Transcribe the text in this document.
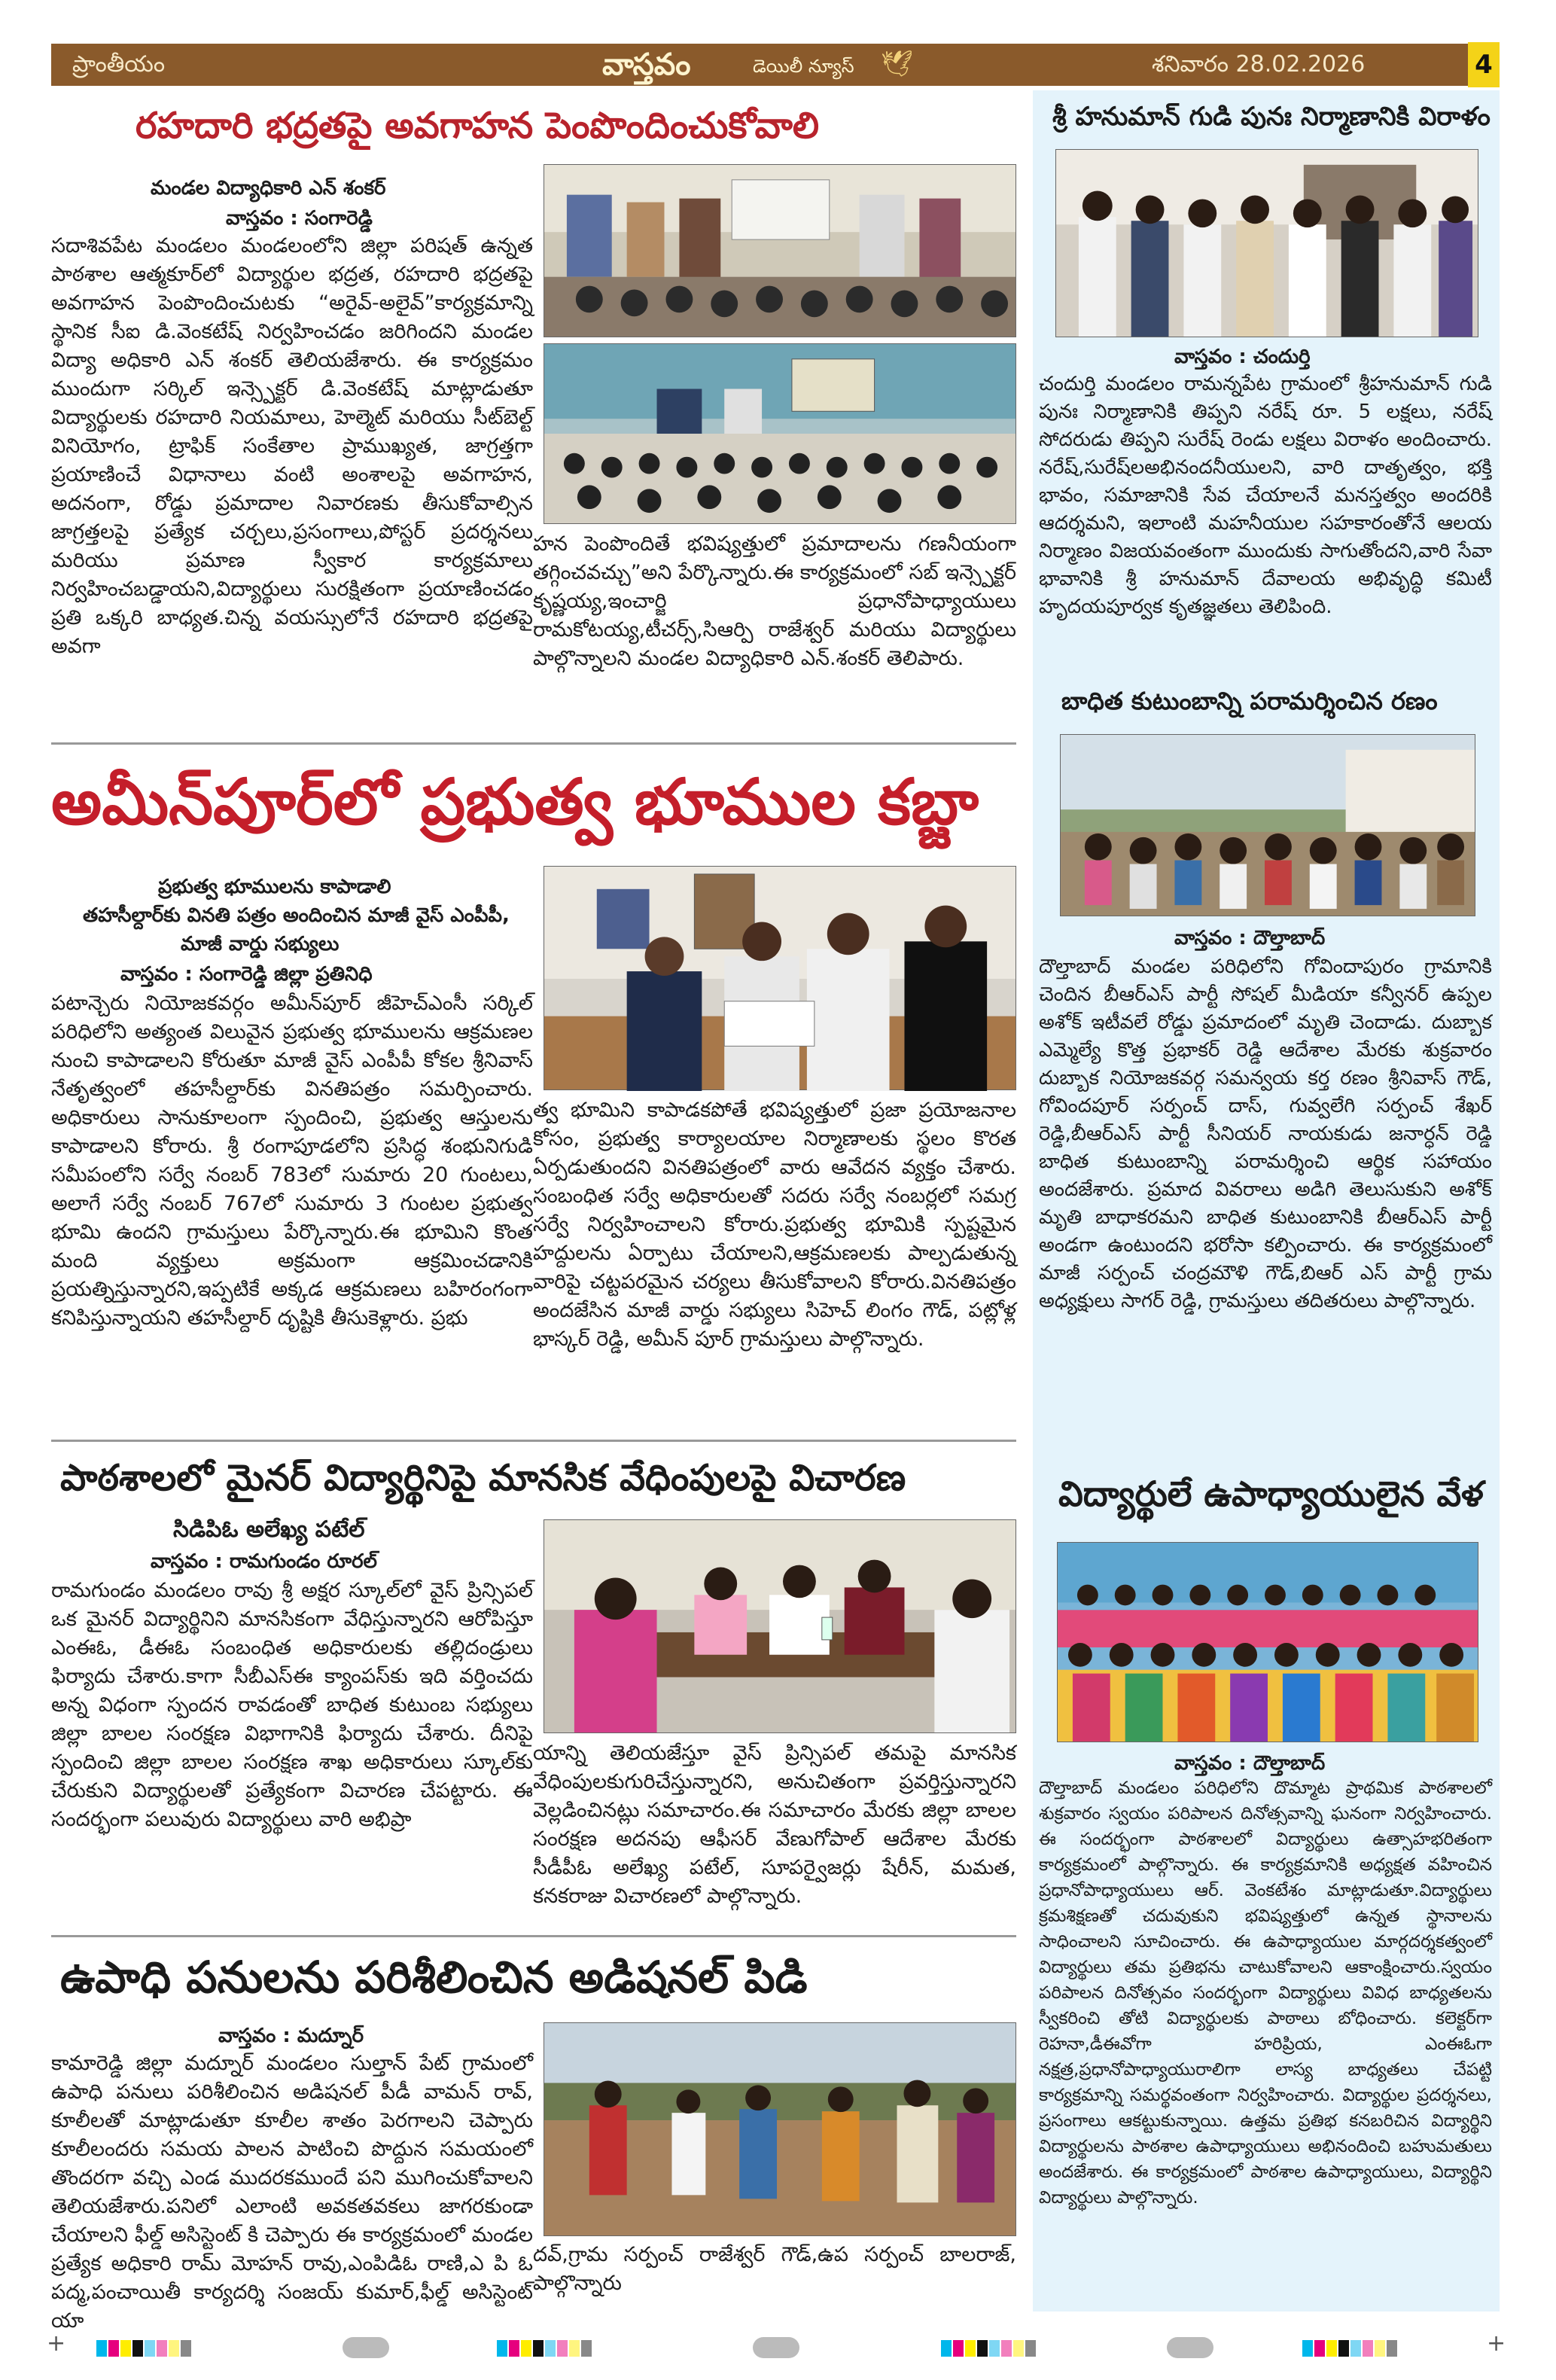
ప్రాంతీయం	వాస్తవం	డెయిలీ న్యూస్ 🕊	శనివారం 28.02.2026	4
రహదారి భద్రతపై అవగాహన పెంపొందించుకోవాలి
మండల విద్యాధికారి ఎన్ శంకర్
వాస్తవం : సంగారెడ్డి
సదాశివపేట మండలం మండలంలోని జిల్లా పరిషత్ ఉన్నత పాఠశాల ఆత్మకూర్‌లో విద్యార్థుల భద్రత, రహదారి భద్రతపై అవగాహన పెంపొందించుటకు “అరైవ్-అలైవ్”కార్యక్రమాన్ని స్థానిక సీఐ డి.వెంకటేష్ నిర్వహించడం జరిగిందని మండల విద్యా అధికారి ఎన్ శంకర్ తెలియజేశారు. ఈ కార్యక్రమం ముందుగా సర్కిల్ ఇన్స్పెక్టర్ డి.వెంకటేష్ మాట్లాడుతూ విద్యార్థులకు రహదారి నియమాలు, హెల్మెట్ మరియు సీట్‌బెల్ట్ వినియోగం, ట్రాఫిక్ సంకేతాల ప్రాముఖ్యత, జాగ్రత్తగా ప్రయాణించే విధానాలు వంటి అంశాలపై అవగాహన, అదనంగా, రోడ్డు ప్రమాదాల నివారణకు తీసుకోవాల్సిన జాగ్రత్తలపై ప్రత్యేక చర్చలు,ప్రసంగాలు,పోస్టర్ ప్రదర్శనలు మరియు ప్రమాణ స్వీకార కార్యక్రమాలు నిర్వహించబడ్డాయని,విద్యార్థులు సురక్షితంగా ప్రయాణించడం ప్రతి ఒక్కరి బాధ్యత.చిన్న వయస్సులోనే రహదారి భద్రతపై అవగా
హన పెంపొందితే భవిష్యత్తులో ప్రమాదాలను గణనీయంగా తగ్గించవచ్చు”అని పేర్కొన్నారు.ఈ కార్యక్రమంలో సబ్ ఇన్స్పెక్టర్ కృష్ణయ్య,ఇంచార్జి ప్రధానోపాధ్యాయులు రామకోటయ్య,టీచర్స్,సిఆర్పి రాజేశ్వర్ మరియు విద్యార్థులు పాల్గొన్నాలని మండల విద్యాధికారి ఎన్.శంకర్ తెలిపారు.
అమీన్‌పూర్‌లో ప్రభుత్వ భూముల కబ్జా
ప్రభుత్వ భూములను కాపాడాలి
తహసీల్దార్‌కు వినతి పత్రం అందించిన మాజీ వైస్ ఎంపీపీ,
మాజీ వార్డు సభ్యులు
వాస్తవం : సంగారెడ్డి జిల్లా ప్రతినిధి
పటాన్చెరు నియోజకవర్గం అమీన్‌పూర్ జీహెచ్ఎంసీ సర్కిల్ పరిధిలోని అత్యంత విలువైన ప్రభుత్వ భూములను ఆక్రమణల నుంచి కాపాడాలని కోరుతూ మాజీ వైస్ ఎంపీపీ కోకల శ్రీనివాస్ నేతృత్వంలో తహసీల్దార్‌కు వినతిపత్రం సమర్పించారు. అధికారులు సానుకూలంగా స్పందించి, ప్రభుత్వ ఆస్తులను కాపాడాలని కోరారు. శ్రీ రంగాపూడలోని ప్రసిద్ధ శంభునిగుడి సమీపంలోని సర్వే నంబర్ 783లో సుమారు 20 గుంటలు, అలాగే సర్వే నంబర్ 767లో సుమారు 3 గుంటల ప్రభుత్వ భూమి ఉందని గ్రామస్తులు పేర్కొన్నారు.ఈ భూమిని కొంత మంది వ్యక్తులు అక్రమంగా ఆక్రమించడానికి ప్రయత్నిస్తున్నారని,ఇప్పటికే అక్కడ ఆక్రమణలు బహిరంగంగా కనిపిస్తున్నాయని తహసీల్దార్ దృష్టికి తీసుకెళ్లారు. ప్రభు
త్వ భూమిని కాపాడకపోతే భవిష్యత్తులో ప్రజా ప్రయోజనాల కోసం, ప్రభుత్వ కార్యాలయాల నిర్మాణాలకు స్థలం కొరత ఏర్పడుతుందని వినతిపత్రంలో వారు ఆవేదన వ్యక్తం చేశారు. సంబంధిత సర్వే అధికారులతో సదరు సర్వే నంబర్లలో సమగ్ర సర్వే నిర్వహించాలని కోరారు.ప్రభుత్వ భూమికి స్పష్టమైన హద్దులను ఏర్పాటు చేయాలని,ఆక్రమణలకు పాల్పడుతున్న వారిపై చట్టపరమైన చర్యలు తీసుకోవాలని కోరారు.వినతిపత్రం అందజేసిన మాజీ వార్డు సభ్యులు సిహెచ్ లింగం గౌడ్, పట్లోళ్ల భాస్కర్ రెడ్డి, అమీన్ పూర్ గ్రామస్తులు పాల్గొన్నారు.
పాఠశాలలో మైనర్ విద్యార్థినిపై మానసిక వేధింపులపై విచారణ
సిడిపిఓ అలేఖ్య పటేల్
వాస్తవం : రామగుండం రూరల్
రామగుండం మండలం రావు శ్రీ అక్షర స్కూల్‌లో వైస్ ప్రిన్సిపల్ ఒక మైనర్ విద్యార్థినిని మానసికంగా వేధిస్తున్నారని ఆరోపిస్తూ ఎంఈఓ, డీఈఓ సంబంధిత అధికారులకు తల్లిదండ్రులు ఫిర్యాదు చేశారు.కాగా సీబీఎస్ఈ క్యాంపస్‌కు ఇది వర్తించదు అన్న విధంగా స్పందన రావడంతో బాధిత కుటుంబ సభ్యులు జిల్లా బాలల సంరక్షణ విభాగానికి ఫిర్యాదు చేశారు. దీనిపై స్పందించి జిల్లా బాలల సంరక్షణ శాఖ అధికారులు స్కూల్‌కు చేరుకుని విద్యార్థులతో ప్రత్యేకంగా విచారణ చేపట్టారు. ఈ సందర్భంగా పలువురు విద్యార్థులు వారి అభిప్రా
యాన్ని తెలియజేస్తూ వైస్ ప్రిన్సిపల్ తమపై మానసిక వేధింపులకుగురిచేస్తున్నారని, అనుచితంగా ప్రవర్తిస్తున్నారని వెల్లడించినట్లు సమాచారం.ఈ సమాచారం మేరకు జిల్లా బాలల సంరక్షణ అదనపు ఆఫీసర్ వేణుగోపాల్ ఆదేశాల మేరకు సీడీపీఓ అలేఖ్య పటేల్, సూపర్వైజర్లు షేరీన్, మమత, కనకరాజు విచారణలో పాల్గొన్నారు.
ఉపాధి పనులను పరిశీలించిన అడిషనల్ పిడి
వాస్తవం : మద్నూర్
కామారెడ్డి జిల్లా మద్నూర్ మండలం సుల్తాన్ పేట్ గ్రామంలో ఉపాధి పనులు పరిశీలించిన అడిషనల్ పీడీ వామన్ రావ్, కూలీలతో మాట్లాడుతూ కూలీల శాతం పెరగాలని చెప్పారు కూలీలందరు సమయ పాలన పాటించి పొద్దున సమయంలో తొందరగా వచ్చి ఎండ ముదరకముందే పని ముగించుకోవాలని తెలియజేశారు.పనిలో ఎలాంటి అవకతవకలు జాగరకుండా చేయాలని ఫీల్డ్ అసిస్టెంట్ కి చెప్పారు ఈ కార్యక్రమంలో మండల ప్రత్యేక అధికారి రామ్ మోహన్ రావు,ఎంపిడిఓ రాణి,ఎ పి ఓ పద్మ,పంచాయితీ కార్యదర్శి సంజయ్ కుమార్,ఫీల్డ్ అసిస్టెంట్ యా
దవ్,గ్రామ సర్పంచ్ రాజేశ్వర్ గౌడ్,ఉప సర్పంచ్ బాలరాజ్, పాల్గొన్నారు
శ్రీ హనుమాన్ గుడి పునః నిర్మాణానికి విరాళం
వాస్తవం : చందుర్తి
చందుర్తి మండలం రామన్నపేట గ్రామంలో శ్రీహనుమాన్ గుడి పునః నిర్మాణానికి తిప్పని నరేష్ రూ. 5 లక్షలు, నరేష్ సోదరుడు తిప్పని సురేష్ రెండు లక్షలు విరాళం అందించారు. నరేష్,సురేష్‌లఅభినందనీయులని, వారి దాతృత్వం, భక్తి భావం, సమాజానికి సేవ చేయాలనే మనస్తత్వం అందరికి ఆదర్శమని, ఇలాంటి మహనీయుల సహకారంతోనే ఆలయ నిర్మాణం విజయవంతంగా ముందుకు సాగుతోందని,వారి సేవా భావానికి శ్రీ హనుమాన్ దేవాలయ అభివృద్ధి కమిటీ హృదయపూర్వక కృతజ్ఞతలు తెలిపింది.
బాధిత కుటుంబాన్ని పరామర్శించిన రణం
వాస్తవం : దౌల్తాబాద్
దౌల్తాబాద్ మండల పరిధిలోని గోవిందాపురం గ్రామానికి చెందిన బీఆర్ఎస్ పార్టీ సోషల్ మీడియా కన్వీనర్ ఉప్పల అశోక్ ఇటీవలే రోడ్డు ప్రమాదంలో మృతి చెందాడు. దుబ్బాక ఎమ్మెల్యే కొత్త ప్రభాకర్ రెడ్డి ఆదేశాల మేరకు శుక్రవారం దుబ్బాక నియోజకవర్గ సమన్వయ కర్త రణం శ్రీనివాస్ గౌడ్, గోవిందపూర్ సర్పంచ్ దాస్, గువ్వలేగి సర్పంచ్ శేఖర్ రెడ్డి,బీఆర్ఎస్ పార్టీ సీనియర్ నాయకుడు జనార్ధన్ రెడ్డి బాధిత కుటుంబాన్ని పరామర్శించి ఆర్థిక సహాయం అందజేశారు. ప్రమాద వివరాలు అడిగి తెలుసుకుని అశోక్ మృతి బాధాకరమని బాధిత కుటుంబానికి బీఆర్ఎస్ పార్టీ అండగా ఉంటుందని భరోసా కల్పించారు. ఈ కార్యక్రమంలో మాజీ సర్పంచ్ చంద్రమౌళి గౌడ్,బిఆర్ ఎస్ పార్టీ గ్రామ అధ్యక్షులు సాగర్ రెడ్డి, గ్రామస్తులు తదితరులు పాల్గొన్నారు.
విద్యార్థులే ఉపాధ్యాయులైన వేళ
వాస్తవం : దౌల్తాబాద్
దౌల్తాబాద్ మండలం పరిధిలోని దొమ్మాట ప్రాథమిక పాఠశాలలో శుక్రవారం స్వయం పరిపాలన దినోత్సవాన్ని ఘనంగా నిర్వహించారు. ఈ సందర్భంగా పాఠశాలలో విద్యార్థులు ఉత్సాహభరితంగా కార్యక్రమంలో పాల్గొన్నారు. ఈ కార్యక్రమానికి అధ్యక్షత వహించిన ప్రధానోపాధ్యాయులు ఆర్. వెంకటేశం మాట్లాడుతూ.విద్యార్థులు క్రమశిక్షణతో చదువుకుని భవిష్యత్తులో ఉన్నత స్థానాలను సాధించాలని సూచించారు. ఈ ఉపాధ్యాయుల మార్గదర్శకత్వంలో విద్యార్థులు తమ ప్రతిభను చాటుకోవాలని ఆకాంక్షించారు.స్వయం పరిపాలన దినోత్సవం సందర్భంగా విద్యార్థులు వివిధ బాధ్యతలను స్వీకరించి తోటి విద్యార్థులకు పాఠాలు బోధించారు. కలెక్టర్‌గా రెహనా,డీఈవోగా హరిప్రియ, ఎంఈఓగా నక్షత్ర,ప్రధానోపాధ్యాయురాలిగా లాస్య బాధ్యతలు చేపట్టి కార్యక్రమాన్ని సమర్థవంతంగా నిర్వహించారు. విద్యార్థుల ప్రదర్శనలు, ప్రసంగాలు ఆకట్టుకున్నాయి. ఉత్తమ ప్రతిభ కనబరిచిన విద్యార్థిని విద్యార్థులను పాఠశాల ఉపాధ్యాయులు అభినందించి బహుమతులు అందజేశారు. ఈ కార్యక్రమంలో పాఠశాల ఉపాధ్యాయులు, విద్యార్థిని విద్యార్థులు పాల్గొన్నారు.
+	+
